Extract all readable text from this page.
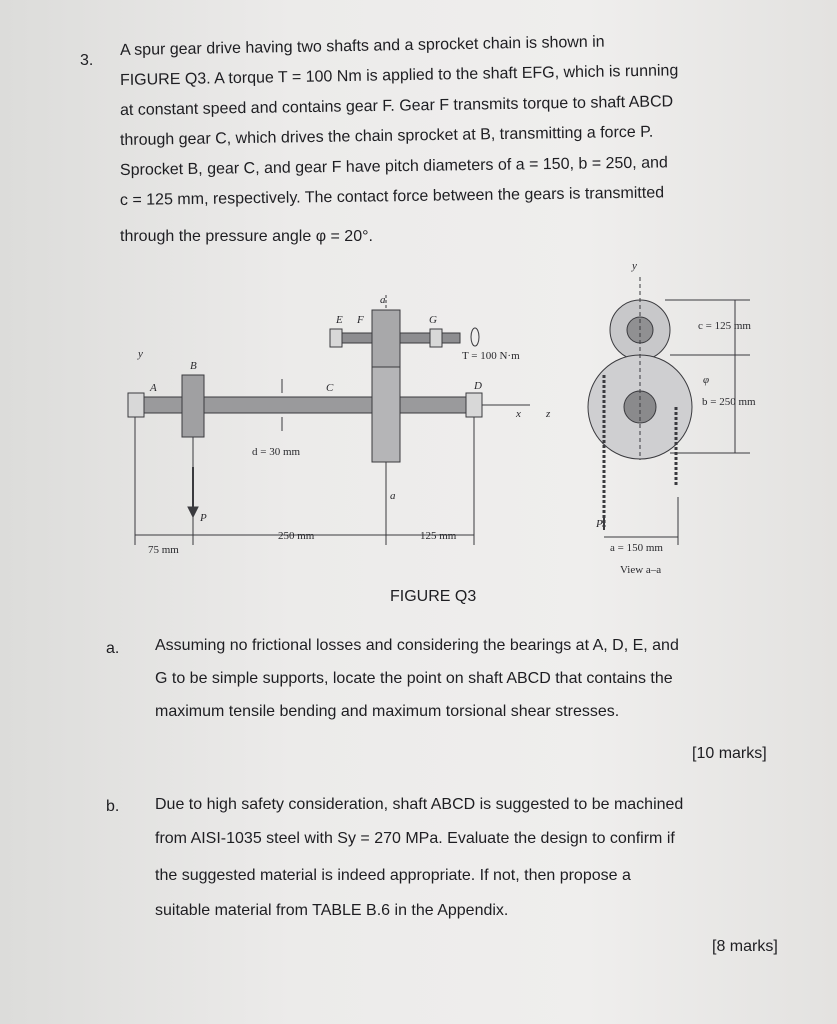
3.
A spur gear drive having two shafts and a sprocket chain is shown in
FIGURE Q3. A torque T = 100 Nm is applied to the shaft EFG, which is running
at constant speed and contains gear F. Gear F transmits torque to shaft ABCD
through gear C, which drives the chain sprocket at B, transmitting a force P.
Sprocket B, gear C, and gear F have pitch diameters of a = 150, b = 250, and
c = 125 mm, respectively. The contact force between the gears is transmitted
through the pressure angle φ = 20°.
a
E F	G
T = 100 N·m
y
B
A	C	D
x z
d = 30 mm
a
P
75 mm
250 mm	125 mm
y
c = 125 mm
φ
b = 250 mm
P
a = 150 mm
View a–a
FIGURE Q3
a. Assuming no frictional losses and considering the bearings at A, D, E, and
G to be simple supports, locate the point on shaft ABCD that contains the
maximum tensile bending and maximum torsional shear stresses.
[10 marks]
b. Due to high safety consideration, shaft ABCD is suggested to be machined
from AISI-1035 steel with Sy = 270 MPa. Evaluate the design to confirm if
the suggested material is indeed appropriate. If not, then propose a
suitable material from TABLE B.6 in the Appendix.
[8 marks]
